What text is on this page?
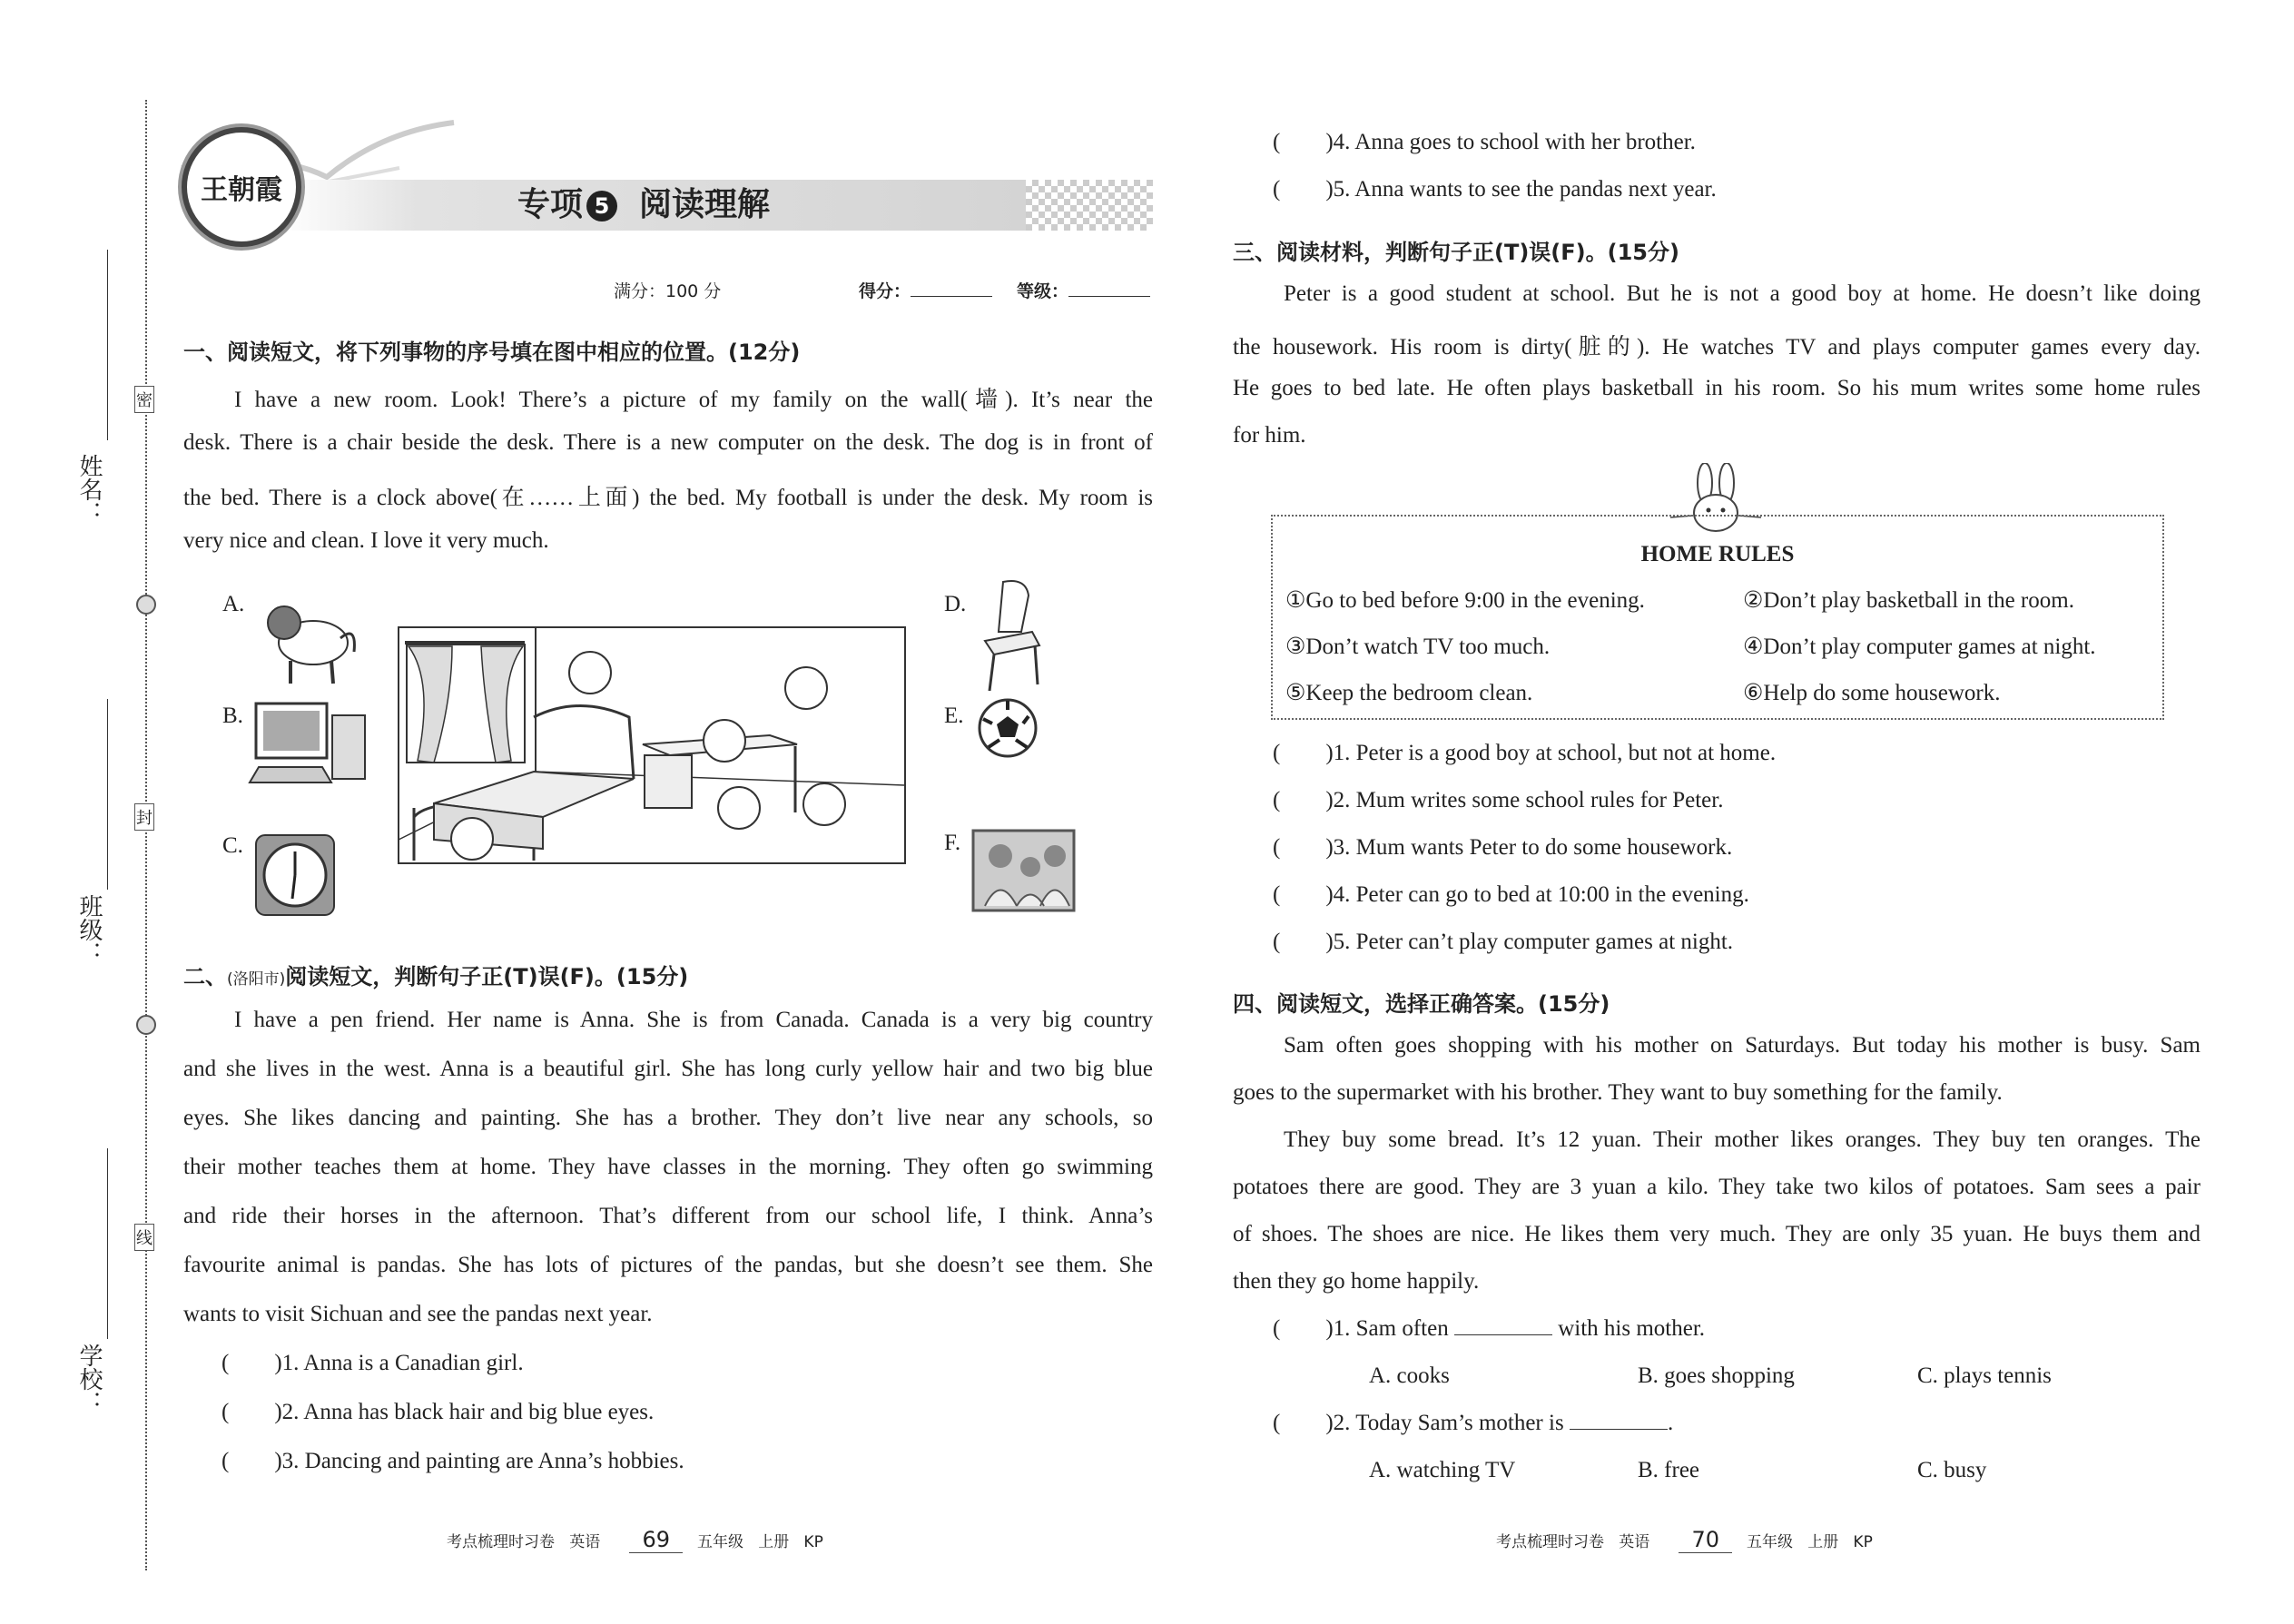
姓名：
班级：
学校：
密
封
线
王朝霞	专项 5 阅读理解
满分：100 分	得分：	等级：
一、阅读短文，将下列事物的序号填在图中相应的位置。(12分)
I have a new room. Look! There’s a picture of my family on the wall(墙). It’s near the
desk. There is a chair beside the desk. There is a new computer on the desk. The dog is in front of
the bed. There is a clock above(在……上面) the bed. My football is under the desk. My room is
very nice and clean. I love it very much.
A.
B.
C.
D.
E.
F.
二、(洛阳市)阅读短文，判断句子正(T)误(F)。(15分)
I have a pen friend. Her name is Anna. She is from Canada. Canada is a very big country
and she lives in the west. Anna is a beautiful girl. She has long curly yellow hair and two big blue
eyes. She likes dancing and painting. She has a brother. They don’t live near any schools, so
their mother teaches them at home. They have classes in the morning. They often go swimming
and ride their horses in the afternoon. That’s different from our school life, I think. Anna’s
favourite animal is pandas. She has lots of pictures of the pandas, but she doesn’t see them. She
wants to visit Sichuan and see the pandas next year.
(        )1. Anna is a Canadian girl.
(        )2. Anna has black hair and big blue eyes.
(        )3. Dancing and painting are Anna’s hobbies.
(        )4. Anna goes to school with her brother.
(        )5. Anna wants to see the pandas next year.
三、阅读材料，判断句子正(T)误(F)。(15分)
Peter is a good student at school. But he is not a good boy at home. He doesn’t like doing
the housework. His room is dirty(脏的). He watches TV and plays computer games every day.
He goes to bed late. He often plays basketball in his room. So his mum writes some home rules
for him.
HOME RULES
①Go to bed before 9:00 in the evening.	②Don’t play basketball in the room.
③Don’t watch TV too much.	④Don’t play computer games at night.
⑤Keep the bedroom clean.	⑥Help do some housework.
(        )1. Peter is a good boy at school, but not at home.
(        )2. Mum writes some school rules for Peter.
(        )3. Mum wants Peter to do some housework.
(        )4. Peter can go to bed at 10:00 in the evening.
(        )5. Peter can’t play computer games at night.
四、阅读短文，选择正确答案。(15分)
Sam often goes shopping with his mother on Saturdays. But today his mother is busy. Sam
goes to the supermarket with his brother. They want to buy something for the family.
They buy some bread. It’s 12 yuan. Their mother likes oranges. They buy ten oranges. The
potatoes there are good. They are 3 yuan a kilo. They take two kilos of potatoes. Sam sees a pair
of shoes. The shoes are nice. He likes them very much. They are only 35 yuan. He buys them and
then they go home happily.
(        )1. Sam often	with his mother.
A. cooks	B. goes shopping	C. plays tennis
(        )2. Today Sam’s mother is	.
A. watching TV	B. free	C. busy
考点梳理时习卷 英语 69 五年级 上册 KP	考点梳理时习卷 英语 70 五年级 上册 KP
